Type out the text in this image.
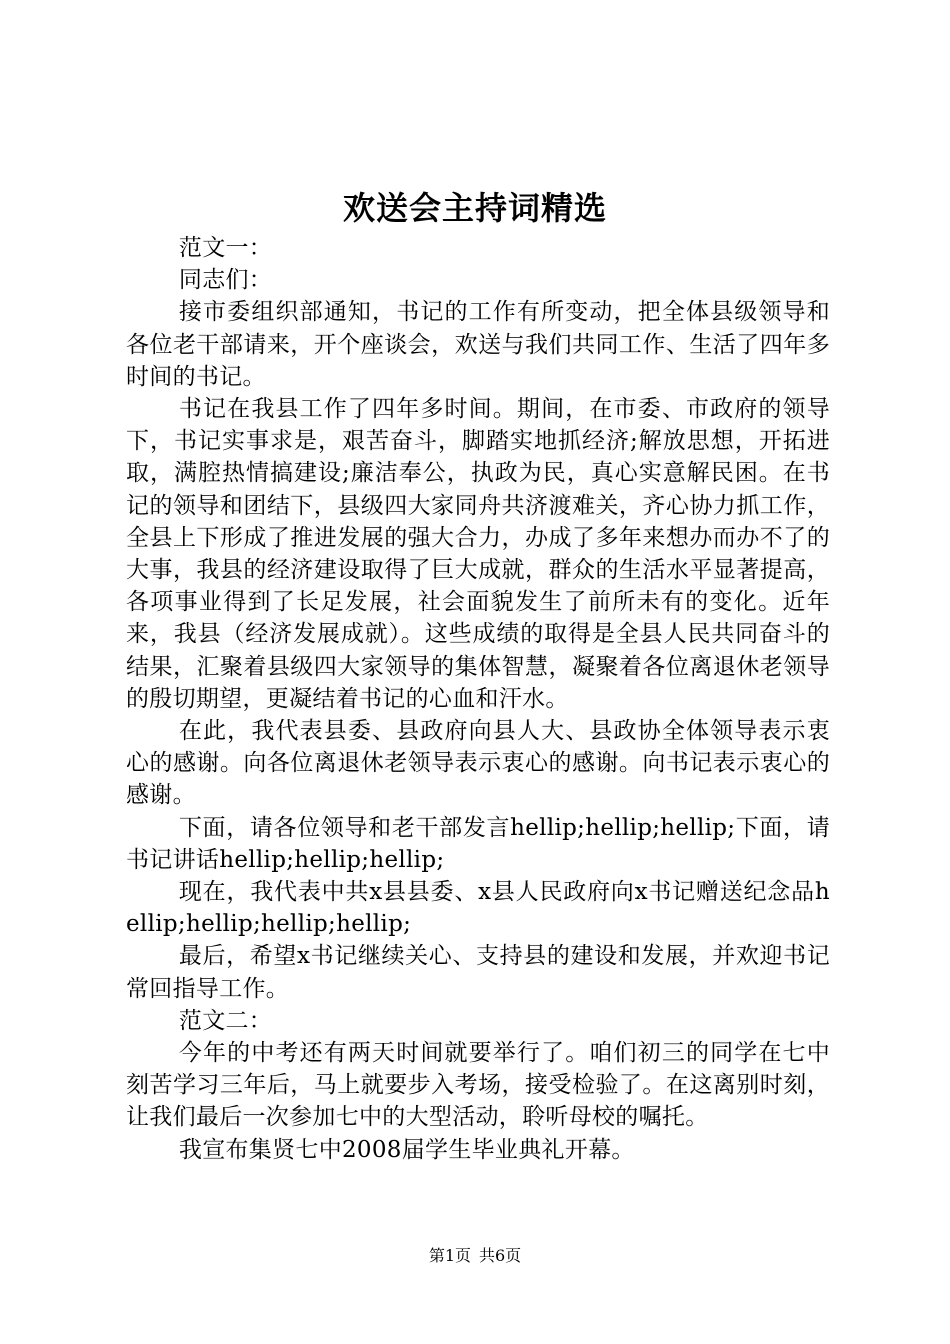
欢送会主持词精选

范文一：

同志们：

接市委组织部通知，书记的工作有所变动，把全体县级领导和各位老干部请来，开个座谈会，欢送与我们共同工作、生活了四年多时间的书记。

书记在我县工作了四年多时间。期间，在市委、市政府的领导下，书记实事求是，艰苦奋斗，脚踏实地抓经济;解放思想，开拓进取，满腔热情搞建设;廉洁奉公，执政为民，真心实意解民困。在书记的领导和团结下，县级四大家同舟共济渡难关，齐心协力抓工作，全县上下形成了推进发展的强大合力，办成了多年来想办而办不了的大事，我县的经济建设取得了巨大成就，群众的生活水平显著提高，各项事业得到了长足发展，社会面貌发生了前所未有的变化。近年来，我县（经济发展成就）。这些成绩的取得是全县人民共同奋斗的结果，汇聚着县级四大家领导的集体智慧，凝聚着各位离退休老领导的殷切期望，更凝结着书记的心血和汗水。

在此，我代表县委、县政府向县人大、县政协全体领导表示衷心的感谢。向各位离退休老领导表示衷心的感谢。向书记表示衷心的感谢。

下面，请各位领导和老干部发言hellip;hellip;hellip;下面，请书记讲话hellip;hellip;hellip;

现在，我代表中共x县县委、x县人民政府向x书记赠送纪念品hellip;hellip;hellip;hellip;

最后，希望x书记继续关心、支持县的建设和发展，并欢迎书记常回指导工作。

范文二：

今年的中考还有两天时间就要举行了。咱们初三的同学在七中刻苦学习三年后，马上就要步入考场，接受检验了。在这离别时刻，让我们最后一次参加七中的大型活动，聆听母校的嘱托。

我宣布集贤七中2008届学生毕业典礼开幕。

第1页 共6页
